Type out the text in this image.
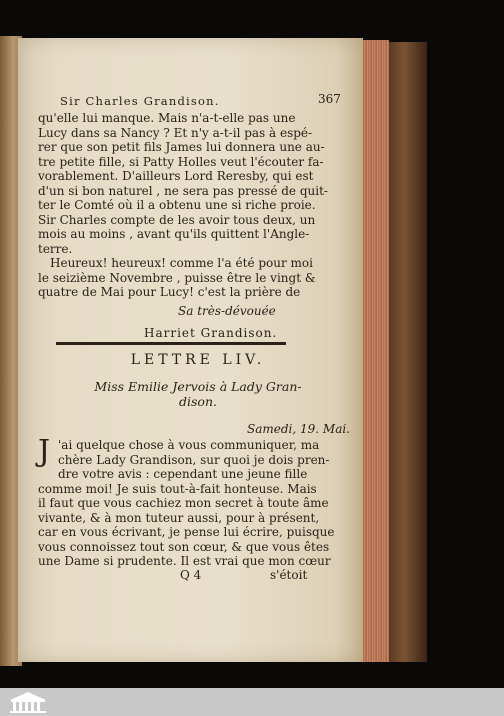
Sir Charles Grandison.	367
qu'elle lui manque. Mais n'a-t-elle pas une
Lucy dans sa Nancy ? Et n'y a-t-il pas à espé-
rer que son petit fils James lui donnera une au-
tre petite fille, si Patty Holles veut l'écouter fa-
vorablement. D'ailleurs Lord Reresby, qui est
d'un si bon naturel , ne sera pas pressé de quit-
ter le Comté où il a obtenu une si riche proie.
Sir Charles compte de les avoir tous deux, un
mois au moins , avant qu'ils quittent l'Angle-
terre.
Heureux! heureux! comme l'a été pour moi
le seizième Novembre , puisse être le vingt &
quatre de Mai pour Lucy! c'est la prière de
Sa très-dévouée
Harriet Grandison.
LETTRE LIV.
Miss Emilie Jervois à Lady Gran-
dison.
Samedi, 19. Mai.
J 'ai quelque chose à vous communiquer, ma
chère Lady Grandison, sur quoi je dois pren-
dre votre avis : cependant une jeune fille
comme moi! Je suis tout-à-fait honteuse. Mais
il faut que vous cachiez mon secret à toute âme
vivante, & à mon tuteur aussi, pour à présent,
car en vous écrivant, je pense lui écrire, puisque
vous connoissez tout son cœur, & que vous êtes
une Dame si prudente. Il est vrai que mon cœur
Q 4	s'étoit
